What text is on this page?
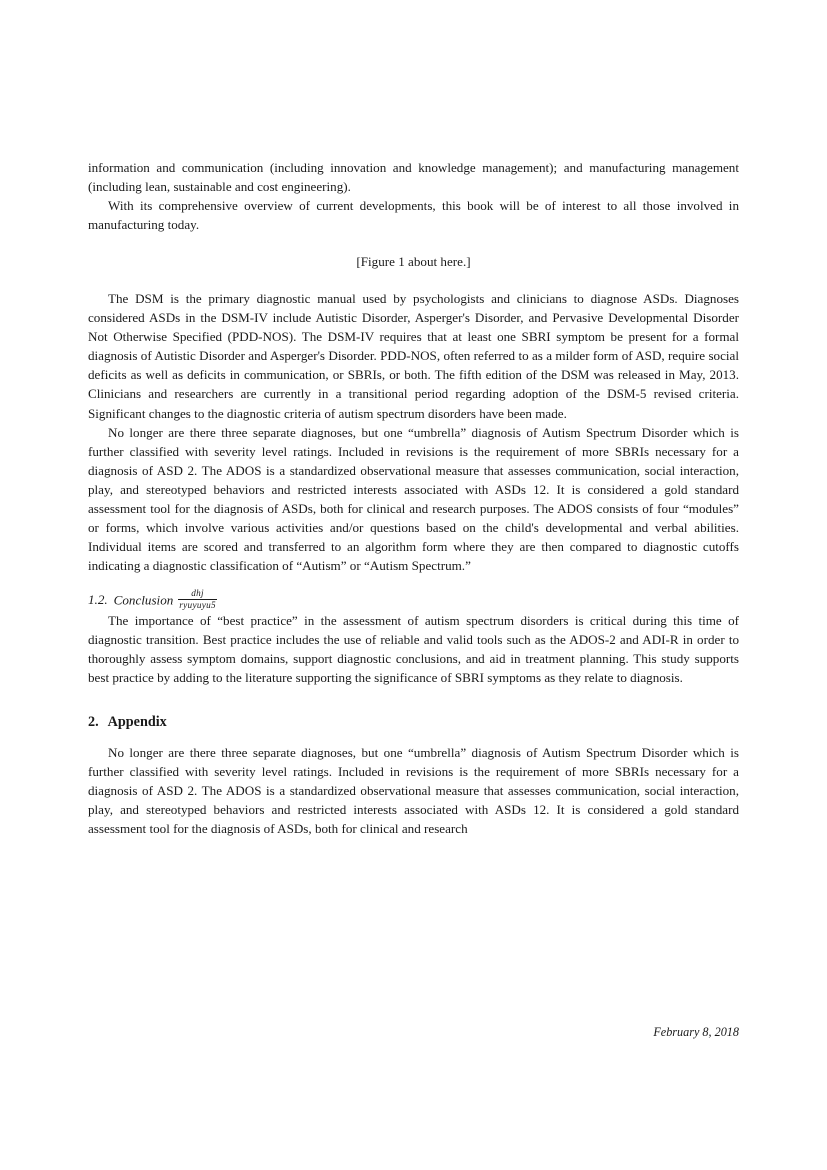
information and communication (including innovation and knowledge management); and manufacturing management (including lean, sustainable and cost engineering).

With its comprehensive overview of current developments, this book will be of interest to all those involved in manufacturing today.

[Figure 1 about here.]

The DSM is the primary diagnostic manual used by psychologists and clinicians to diagnose ASDs. Diagnoses considered ASDs in the DSM-IV include Autistic Disorder, Asperger's Disorder, and Pervasive Developmental Disorder Not Otherwise Specified (PDD-NOS). The DSM-IV requires that at least one SBRI symptom be present for a formal diagnosis of Autistic Disorder and Asperger's Disorder. PDD-NOS, often referred to as a milder form of ASD, require social deficits as well as deficits in communication, or SBRIs, or both. The fifth edition of the DSM was released in May, 2013. Clinicians and researchers are currently in a transitional period regarding adoption of the DSM-5 revised criteria. Significant changes to the diagnostic criteria of autism spectrum disorders have been made.

No longer are there three separate diagnoses, but one “umbrella” diagnosis of Autism Spectrum Disorder which is further classified with severity level ratings. Included in revisions is the requirement of more SBRIs necessary for a diagnosis of ASD 2. The ADOS is a standardized observational measure that assesses communication, social interaction, play, and stereotyped behaviors and restricted interests associated with ASDs 12. It is considered a gold standard assessment tool for the diagnosis of ASDs, both for clinical and research purposes. The ADOS consists of four “modules” or forms, which involve various activities and/or questions based on the child's developmental and verbal abilities. Individual items are scored and transferred to an algorithm form where they are then compared to diagnostic cutoffs indicating a diagnostic classification of “Autism” or “Autism Spectrum.”

1.2. Conclusion $\frac{\text{dhj}}{\text{ryuyuyu5}}$

The importance of “best practice” in the assessment of autism spectrum disorders is critical during this time of diagnostic transition. Best practice includes the use of reliable and valid tools such as the ADOS-2 and ADI-R in order to thoroughly assess symptom domains, support diagnostic conclusions, and aid in treatment planning. This study supports best practice by adding to the literature supporting the significance of SBRI symptoms as they relate to diagnosis.

2. Appendix

No longer are there three separate diagnoses, but one “umbrella” diagnosis of Autism Spectrum Disorder which is further classified with severity level ratings. Included in revisions is the requirement of more SBRIs necessary for a diagnosis of ASD 2. The ADOS is a standardized observational measure that assesses communication, social interaction, play, and stereotyped behaviors and restricted interests associated with ASDs 12. It is considered a gold standard assessment tool for the diagnosis of ASDs, both for clinical and research

February 8, 2018
